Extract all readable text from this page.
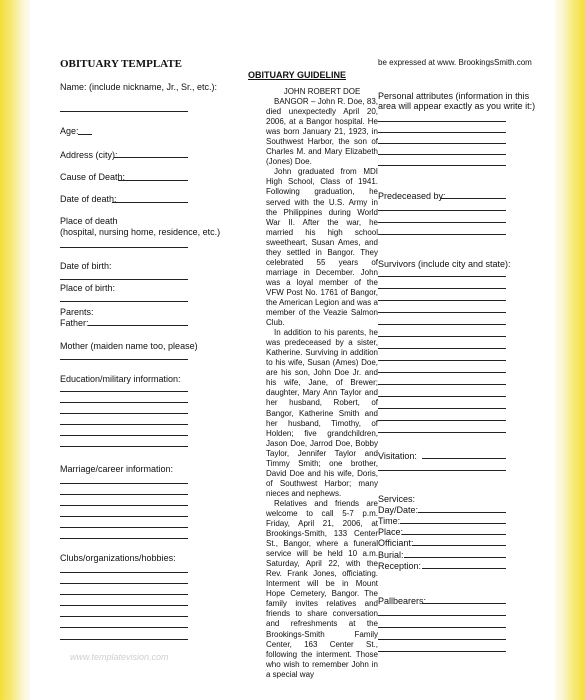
OBITUARY TEMPLATE
Name: (include nickname, Jr., Sr., etc.):
Age:
Address (city):
Cause of Death:
Date of death:
Place of death
(hospital, nursing home, residence, etc.)
Date of birth:
Place of birth:
Parents:
Father:
Mother (maiden name too, please)
Education/military information:
Marriage/career information:
Clubs/organizations/hobbies:
OBITUARY GUIDELINE

JOHN ROBERT DOE

BANGOR – John R. Doe, 83, died unexpectedly April 20, 2006, at a Bangor hospital. He was born January 21, 1923, in Southwest Harbor, the son of Charles M. and Mary Elizabeth (Jones) Doe.

John graduated from MDI High School, Class of 1941. Following graduation, he served with the U.S. Army in the Philippines during World War II. After the war, he married his high school sweetheart, Susan Ames, and they settled in Bangor. They celebrated 55 years of marriage in December. John was a loyal member of the VFW Post No. 1761 of Bangor, the American Legion and was a member of the Veazie Salmon Club.

In addition to his parents, he was predeceased by a sister, Katherine. Surviving in addition to his wife, Susan (Ames) Doe, are his son, John Doe Jr. and his wife, Jane, of Brewer; daughter, Mary Ann Taylor and her husband, Robert, of Bangor, Katherine Smith and her husband, Timothy, of Holden; five grandchildren, Jason Doe, Jarrod Doe, Bobby Taylor, Jennifer Taylor and Timmy Smith; one brother, David Doe and his wife, Doris, of Southwest Harbor; many nieces and nephews.

Relatives and friends are welcome to call 5-7 p.m. Friday, April 21, 2006, at Brookings-Smith, 133 Center St., Bangor, where a funeral service will be held 10 a.m. Saturday, April 22, with the Rev. Frank Jones, officiating. Interment will be in Mount Hope Cemetery, Bangor. The family invites relatives and friends to share conversation and refreshments at the Brookings-Smith Family Center, 163 Center St., following the interment. Those who wish to remember John in a special way

be expressed at www. BrookingsSmith.com
Personal attributes (information in this
area will appear exactly as you write it:)
Predeceased by:
Survivors (include city and state):
Visitation:
Services:
Day/Date:
Time:
Place:
Officiant:
Burial:
Reception:
Pallbearers:
www.templatevision.com
